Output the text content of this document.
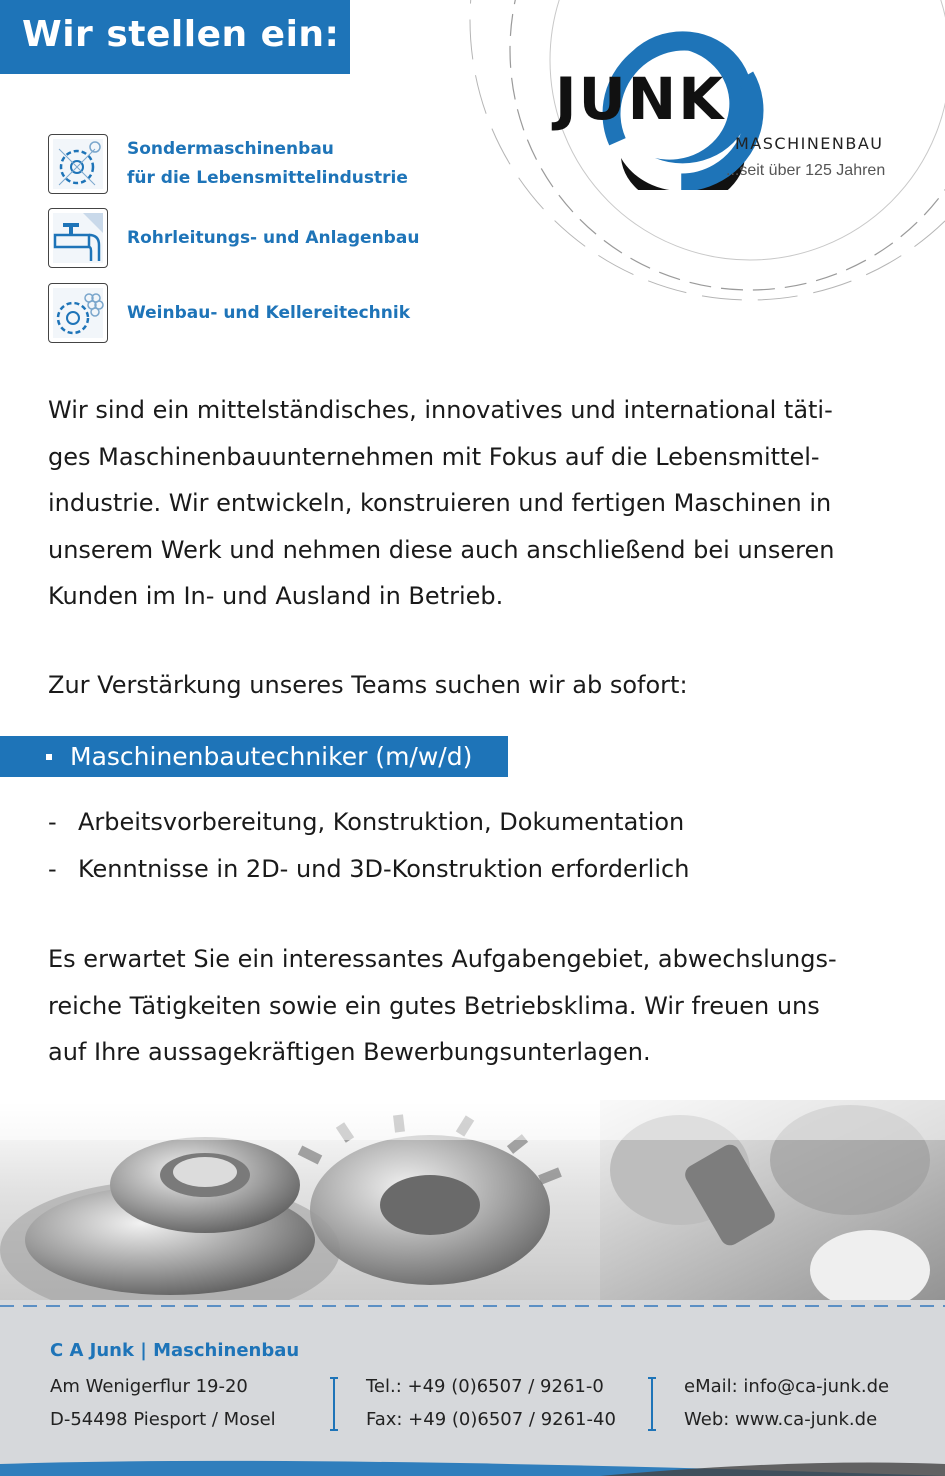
Wir stellen ein:
JUNK
MASCHINENBAU
...seit über 125 Jahren
Sondermaschinenbau
für die Lebensmittelindustrie
Rohrleitungs- und Anlagenbau
Weinbau- und Kellereitechnik
Wir sind ein mittelständisches, innovatives und international täti-
ges Maschinenbauunternehmen mit Fokus auf die Lebensmittel-
industrie. Wir entwickeln, konstruieren und fertigen Maschinen in
unserem Werk und nehmen diese auch anschließend bei unseren
Kunden im In- und Ausland in Betrieb.
Zur Verstärkung unseres Teams suchen wir ab sofort:
Maschinenbautechniker (m/w/d)
- Arbeitsvorbereitung, Konstruktion, Dokumentation
- Kenntnisse in 2D- und 3D-Konstruktion erforderlich
Es erwartet Sie ein interessantes Aufgabengebiet, abwechslungs-
reiche Tätigkeiten sowie ein gutes Betriebsklima. Wir freuen uns
auf Ihre aussagekräftigen Bewerbungsunterlagen.
C A Junk | Maschinenbau
Am Wenigerflur 19-20
D-54498 Piesport / Mosel
Tel.: +49 (0)6507 / 9261-0
Fax: +49 (0)6507 / 9261-40
eMail: info@ca-junk.de
Web: www.ca-junk.de
